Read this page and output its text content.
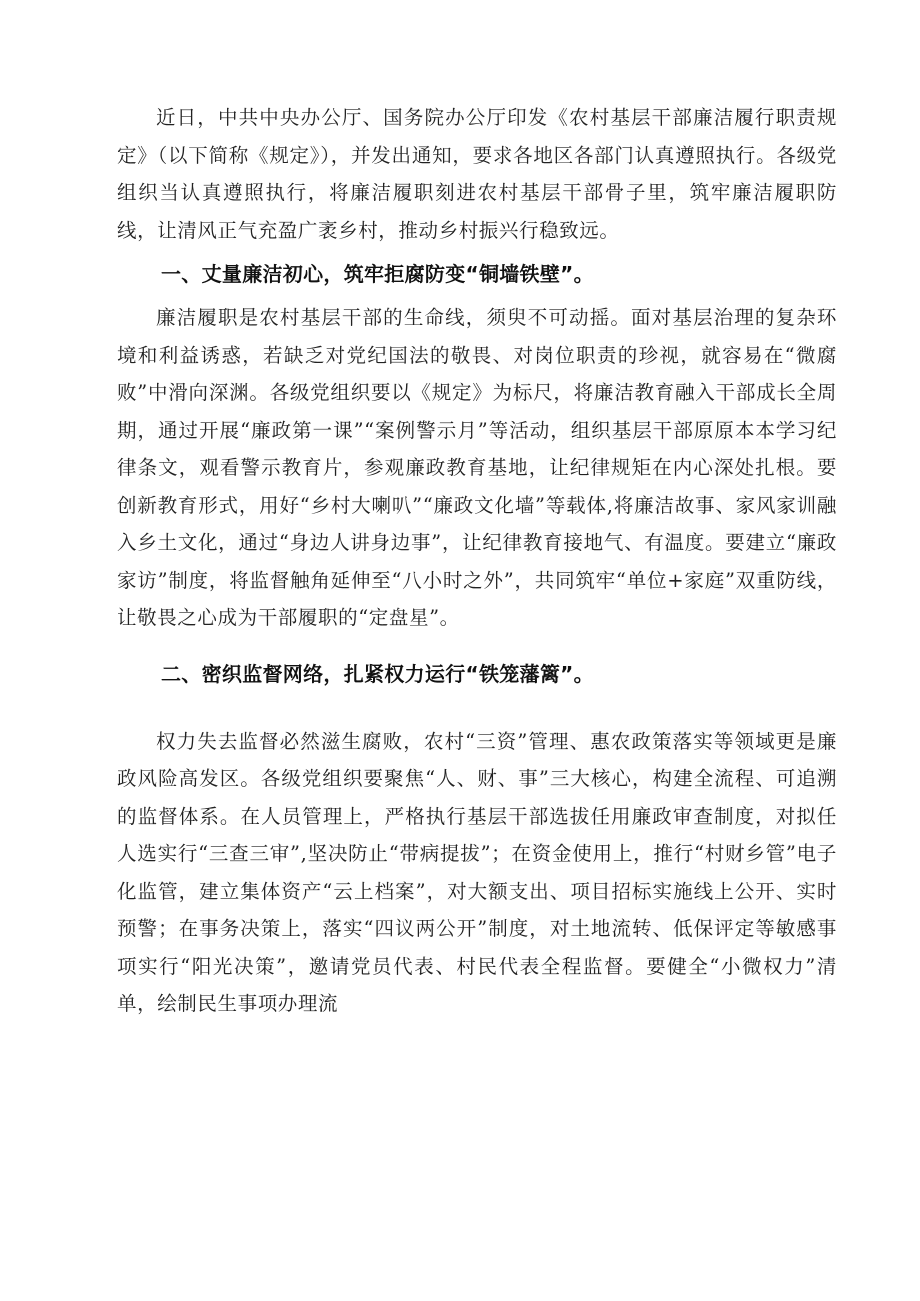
近日，中共中央办公厅、国务院办公厅印发《农村基层干部廉洁履行职责规定》（以下简称《规定》），并发出通知，要求各地区各部门认真遵照执行。各级党组织当认真遵照执行，将廉洁履职刻进农村基层干部骨子里，筑牢廉洁履职防线，让清风正气充盈广袤乡村，推动乡村振兴行稳致远。

一、丈量廉洁初心，筑牢拒腐防变“铜墙铁壁”。

廉洁履职是农村基层干部的生命线，须臾不可动摇。面对基层治理的复杂环境和利益诱惑，若缺乏对党纪国法的敬畏、对岗位职责的珍视，就容易在“微腐败”中滑向深渊。各级党组织要以《规定》为标尺，将廉洁教育融入干部成长全周期，通过开展“廉政第一课”“案例警示月”等活动，组织基层干部原原本本学习纪律条文，观看警示教育片，参观廉政教育基地，让纪律规矩在内心深处扎根。要创新教育形式，用好“乡村大喇叭”“廉政文化墙”等载体,将廉洁故事、家风家训融入乡土文化，通过“身边人讲身边事”，让纪律教育接地气、有温度。要建立“廉政家访”制度，将监督触角延伸至“八小时之外”，共同筑牢“单位+家庭”双重防线，让敬畏之心成为干部履职的“定盘星”。

二、密织监督网络，扎紧权力运行“铁笼藩篱”。

权力失去监督必然滋生腐败，农村“三资”管理、惠农政策落实等领域更是廉政风险高发区。各级党组织要聚焦“人、财、事”三大核心，构建全流程、可追溯的监督体系。在人员管理上，严格执行基层干部选拔任用廉政审查制度，对拟任人选实行“三查三审”,坚决防止“带病提拔”；在资金使用上，推行“村财乡管”电子化监管，建立集体资产“云上档案”，对大额支出、项目招标实施线上公开、实时预警；在事务决策上，落实“四议两公开”制度，对土地流转、低保评定等敏感事项实行“阳光决策”，邀请党员代表、村民代表全程监督。要健全“小微权力”清单，绘制民生事项办理流
